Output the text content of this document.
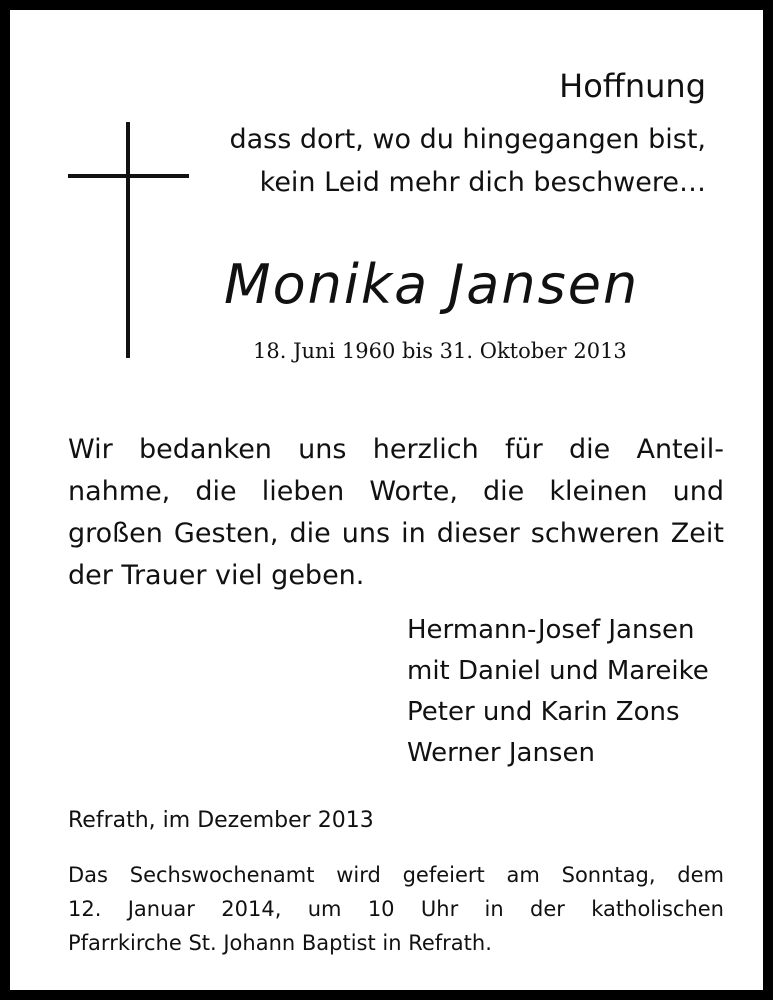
Hoffnung
dass dort, wo du hingegangen bist,
kein Leid mehr dich beschwere…
Monika Jansen
18. Juni 1960 bis 31. Oktober 2013
Wir bedanken uns herzlich für die Anteil-
nahme, die lieben Worte, die kleinen und
großen Gesten, die uns in dieser schweren Zeit
der Trauer viel geben.
Hermann-Josef Jansen
mit Daniel und Mareike
Peter und Karin Zons
Werner Jansen
Refrath, im Dezember 2013
Das Sechswochenamt wird gefeiert am Sonntag, dem
12. Januar 2014, um 10 Uhr in der katholischen
Pfarrkirche St. Johann Baptist in Refrath.
